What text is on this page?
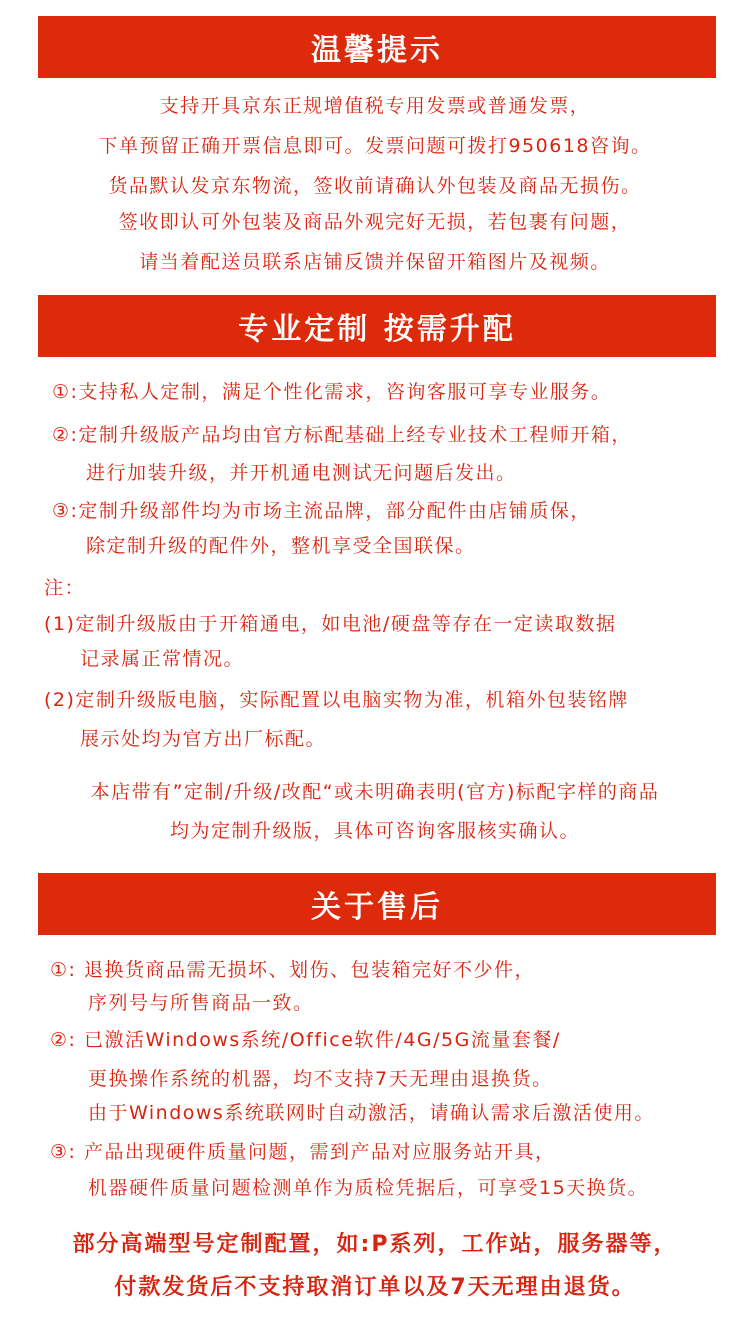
温馨提示
支持开具京东正规增值税专用发票或普通发票，
下单预留正确开票信息即可。发票问题可拨打950618咨询。
货品默认发京东物流，签收前请确认外包装及商品无损伤。
签收即认可外包装及商品外观完好无损，若包裹有问题，
请当着配送员联系店铺反馈并保留开箱图片及视频。
专业定制 按需升配
①:支持私人定制，满足个性化需求，咨询客服可享专业服务。
②:定制升级版产品均由官方标配基础上经专业技术工程师开箱，
进行加装升级，并开机通电测试无问题后发出。
③:定制升级部件均为市场主流品牌，部分配件由店铺质保，
除定制升级的配件外，整机享受全国联保。
注：
(1)定制升级版由于开箱通电，如电池/硬盘等存在一定读取数据
记录属正常情况。
(2)定制升级版电脑，实际配置以电脑实物为准，机箱外包装铭牌
展示处均为官方出厂标配。
本店带有”定制/升级/改配“或未明确表明(官方)标配字样的商品
均为定制升级版，具体可咨询客服核实确认。
关于售后
①: 退换货商品需无损坏、划伤、包装箱完好不少件，
序列号与所售商品一致。
②: 已激活Windows系统/Office软件/4G/5G流量套餐/
更换操作系统的机器，均不支持7天无理由退换货。
由于Windows系统联网时自动激活，请确认需求后激活使用。
③: 产品出现硬件质量问题，需到产品对应服务站开具，
机器硬件质量问题检测单作为质检凭据后，可享受15天换货。
部分高端型号定制配置，如:P系列，工作站，服务器等，
付款发货后不支持取消订单以及7天无理由退货。
